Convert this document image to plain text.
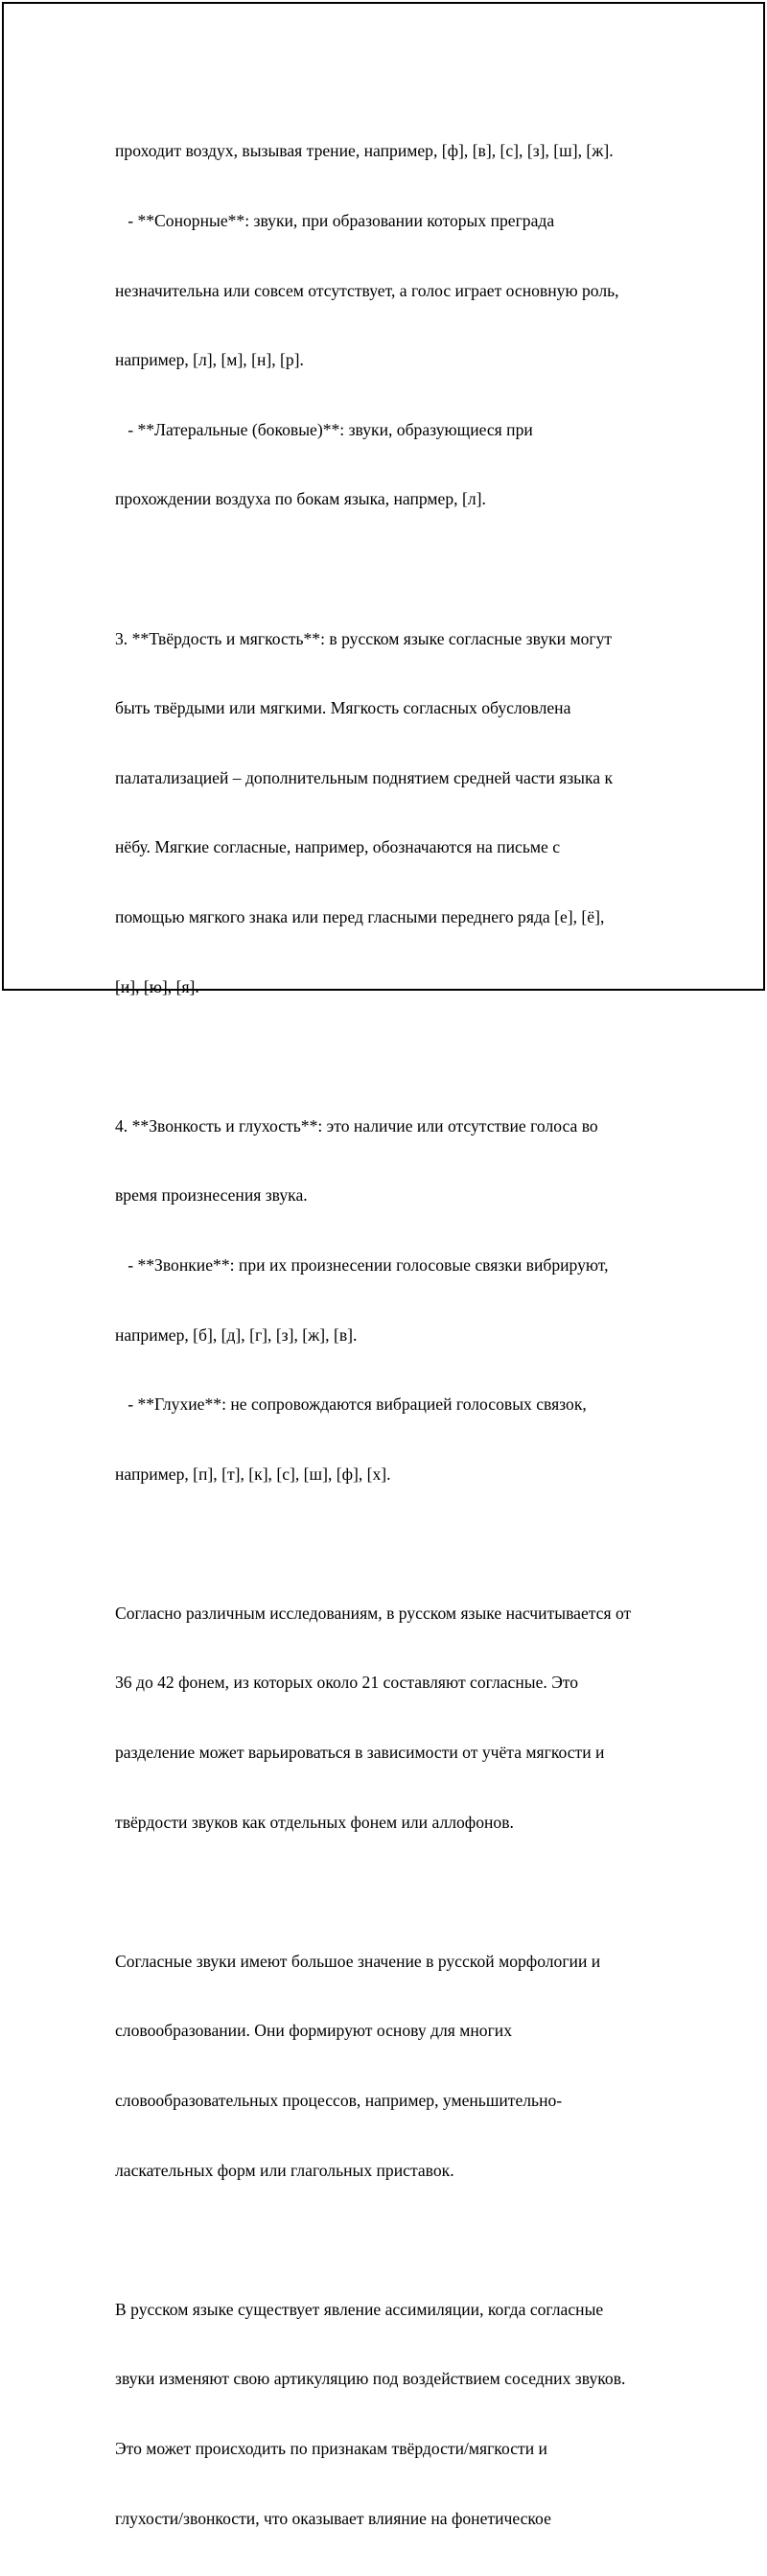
проходит воздух, вызывая трение, например, [ф], [в], [с], [з], [ш], [ж].

- **Сонорные**: звуки, при образовании которых преграда

незначительна или совсем отсутствует, а голос играет основную роль,

например, [л], [м], [н], [р].

- **Латеральные (боковые)**: звуки, образующиеся при

прохождении воздуха по бокам языка, напрмер, [л].

3. **Твёрдость и мягкость**: в русском языке согласные звуки могут

быть твёрдыми или мягкими. Мягкость согласных обусловлена

палатализацией – дополнительным поднятием средней части языка к

нёбу. Мягкие согласные, например, обозначаются на письме с

помощью мягкого знака или перед гласными переднего ряда [е], [ё],

[и], [ю], [я].

4. **Звонкость и глухость**: это наличие или отсутствие голоса во

время произнесения звука.

- **Звонкие**: при их произнесении голосовые связки вибрируют,

например, [б], [д], [г], [з], [ж], [в].

- **Глухие**: не сопровождаются вибрацией голосовых связок,

например, [п], [т], [к], [с], [ш], [ф], [х].

Согласно различным исследованиям, в русском языке насчитывается от

36 до 42 фонем, из которых около 21 составляют согласные. Это

разделение может варьироваться в зависимости от учёта мягкости и

твёрдости звуков как отдельных фонем или аллофонов.

Согласные звуки имеют большое значение в русской морфологии и

словообразовании. Они формируют основу для многих

словообразовательных процессов, например, уменьшительно-

ласкательных форм или глагольных приставок.

В русском языке существует явление ассимиляции, когда согласные

звуки изменяют свою артикуляцию под воздействием соседних звуков.

Это может происходить по признакам твёрдости/мягкости и

глухости/звонкости, что оказывает влияние на фонетическое
